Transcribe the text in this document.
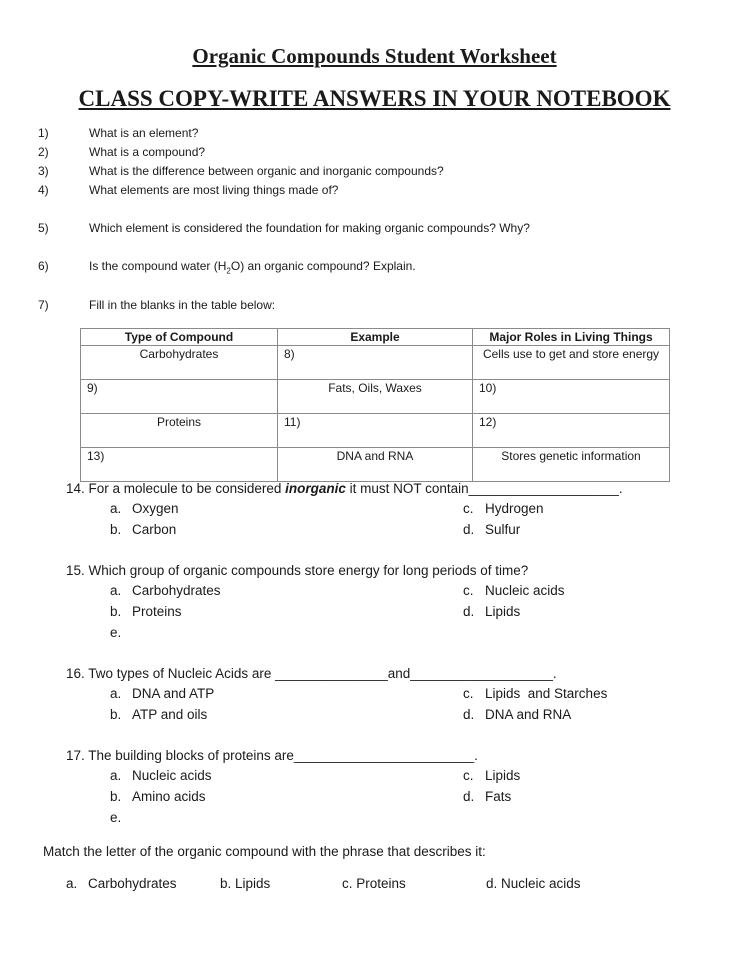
Organic Compounds Student Worksheet
CLASS COPY-WRITE ANSWERS IN YOUR NOTEBOOK
1)	What is an element?
2)	What is a compound?
3)	What is the difference between organic and inorganic compounds?
4)	What elements are most living things made of?
5)	Which element is considered the foundation for making organic compounds? Why?
6)	Is the compound water $(H_2O)$ an organic compound? Explain.
7)	Fill in the blanks in the table below:
Type of Compound	Example	Major Roles in Living Things
Carbohydrates	8)	Cells use to get and store energy
9)	Fats, Oils, Waxes	10)
Proteins	11)	12)
13)	DNA and RNA	Stores genetic information
14. For a molecule to be considered inorganic it must NOT contain____________________.
a. Oxygen
b. Carbon
c. Hydrogen
d. Sulfur
15. Which group of organic compounds store energy for long periods of time?
a. Carbohydrates
b. Proteins
c. Nucleic acids
d. Lipids
e.
16. Two types of Nucleic Acids are _______________and___________________.
a. DNA and ATP
b. ATP and oils
c. Lipids  and Starches
d. DNA and RNA
17. The building blocks of proteins are________________________.
a. Nucleic acids
b. Amino acids
c. Lipids
d. Fats
e.
Match the letter of the organic compound with the phrase that describes it:
a. Carbohydrates	b. Lipids	c. Proteins	d. Nucleic acids
